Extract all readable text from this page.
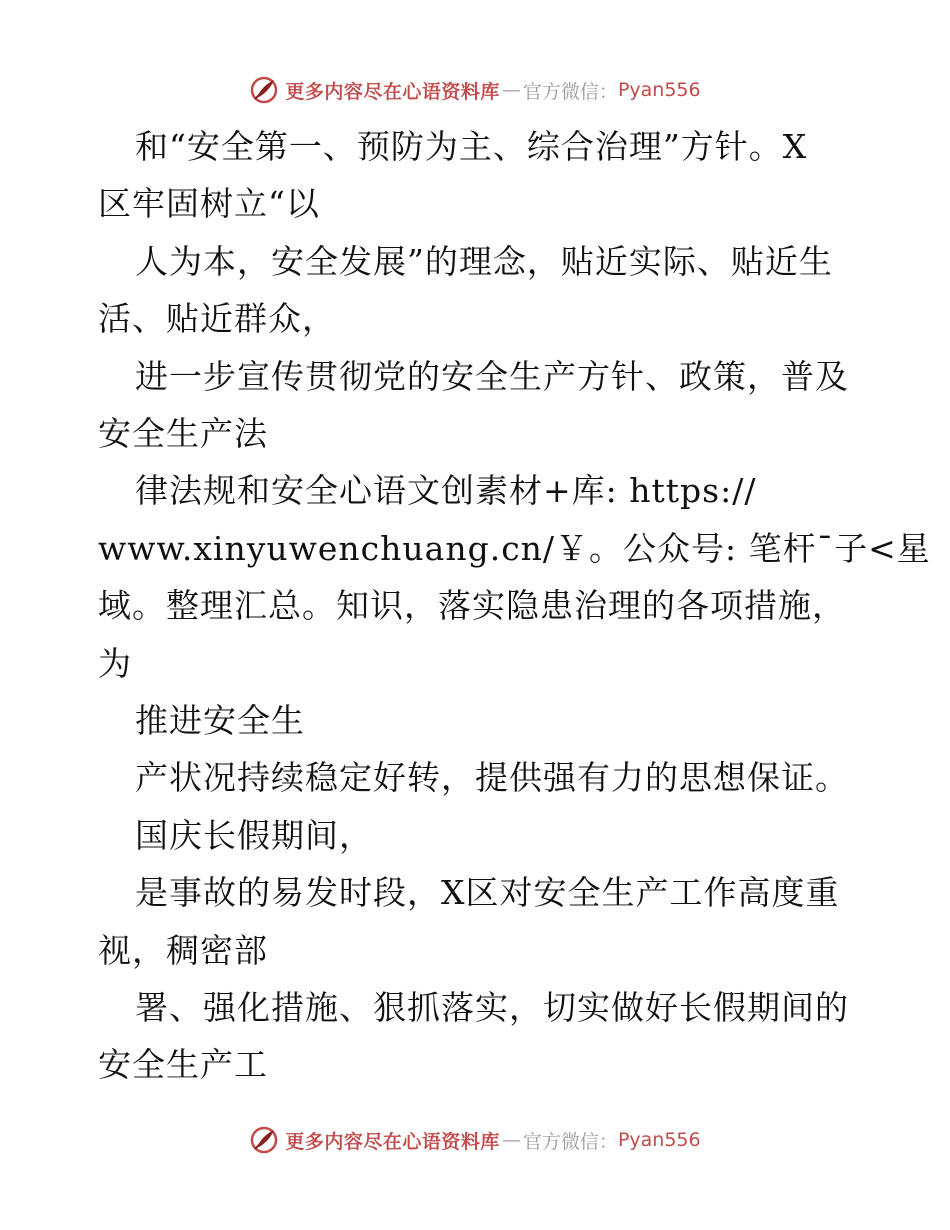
更多内容尽在心语资料库 — 官方微信： Pyan556
和“安全第一、预防为主、综合治理”方针。X
区牢固树立“以
人为本，安全发展”的理念，贴近实际、贴近生
活、贴近群众，
进一步宣传贯彻党的安全生产方针、政策，普及
安全生产法
律法规和安全心语文创素材+库: https://
www.xinyuwenchuang.cn/￥。公众号: 笔杆¯子<星
域。整理汇总。知识，落实隐患治理的各项措施，
为
推进安全生
产状况持续稳定好转，提供强有力的思想保证。
国庆长假期间，
是事故的易发时段，X区对安全生产工作高度重
视，稠密部
署、强化措施、狠抓落实，切实做好长假期间的
安全生产工
更多内容尽在心语资料库 — 官方微信： Pyan556
